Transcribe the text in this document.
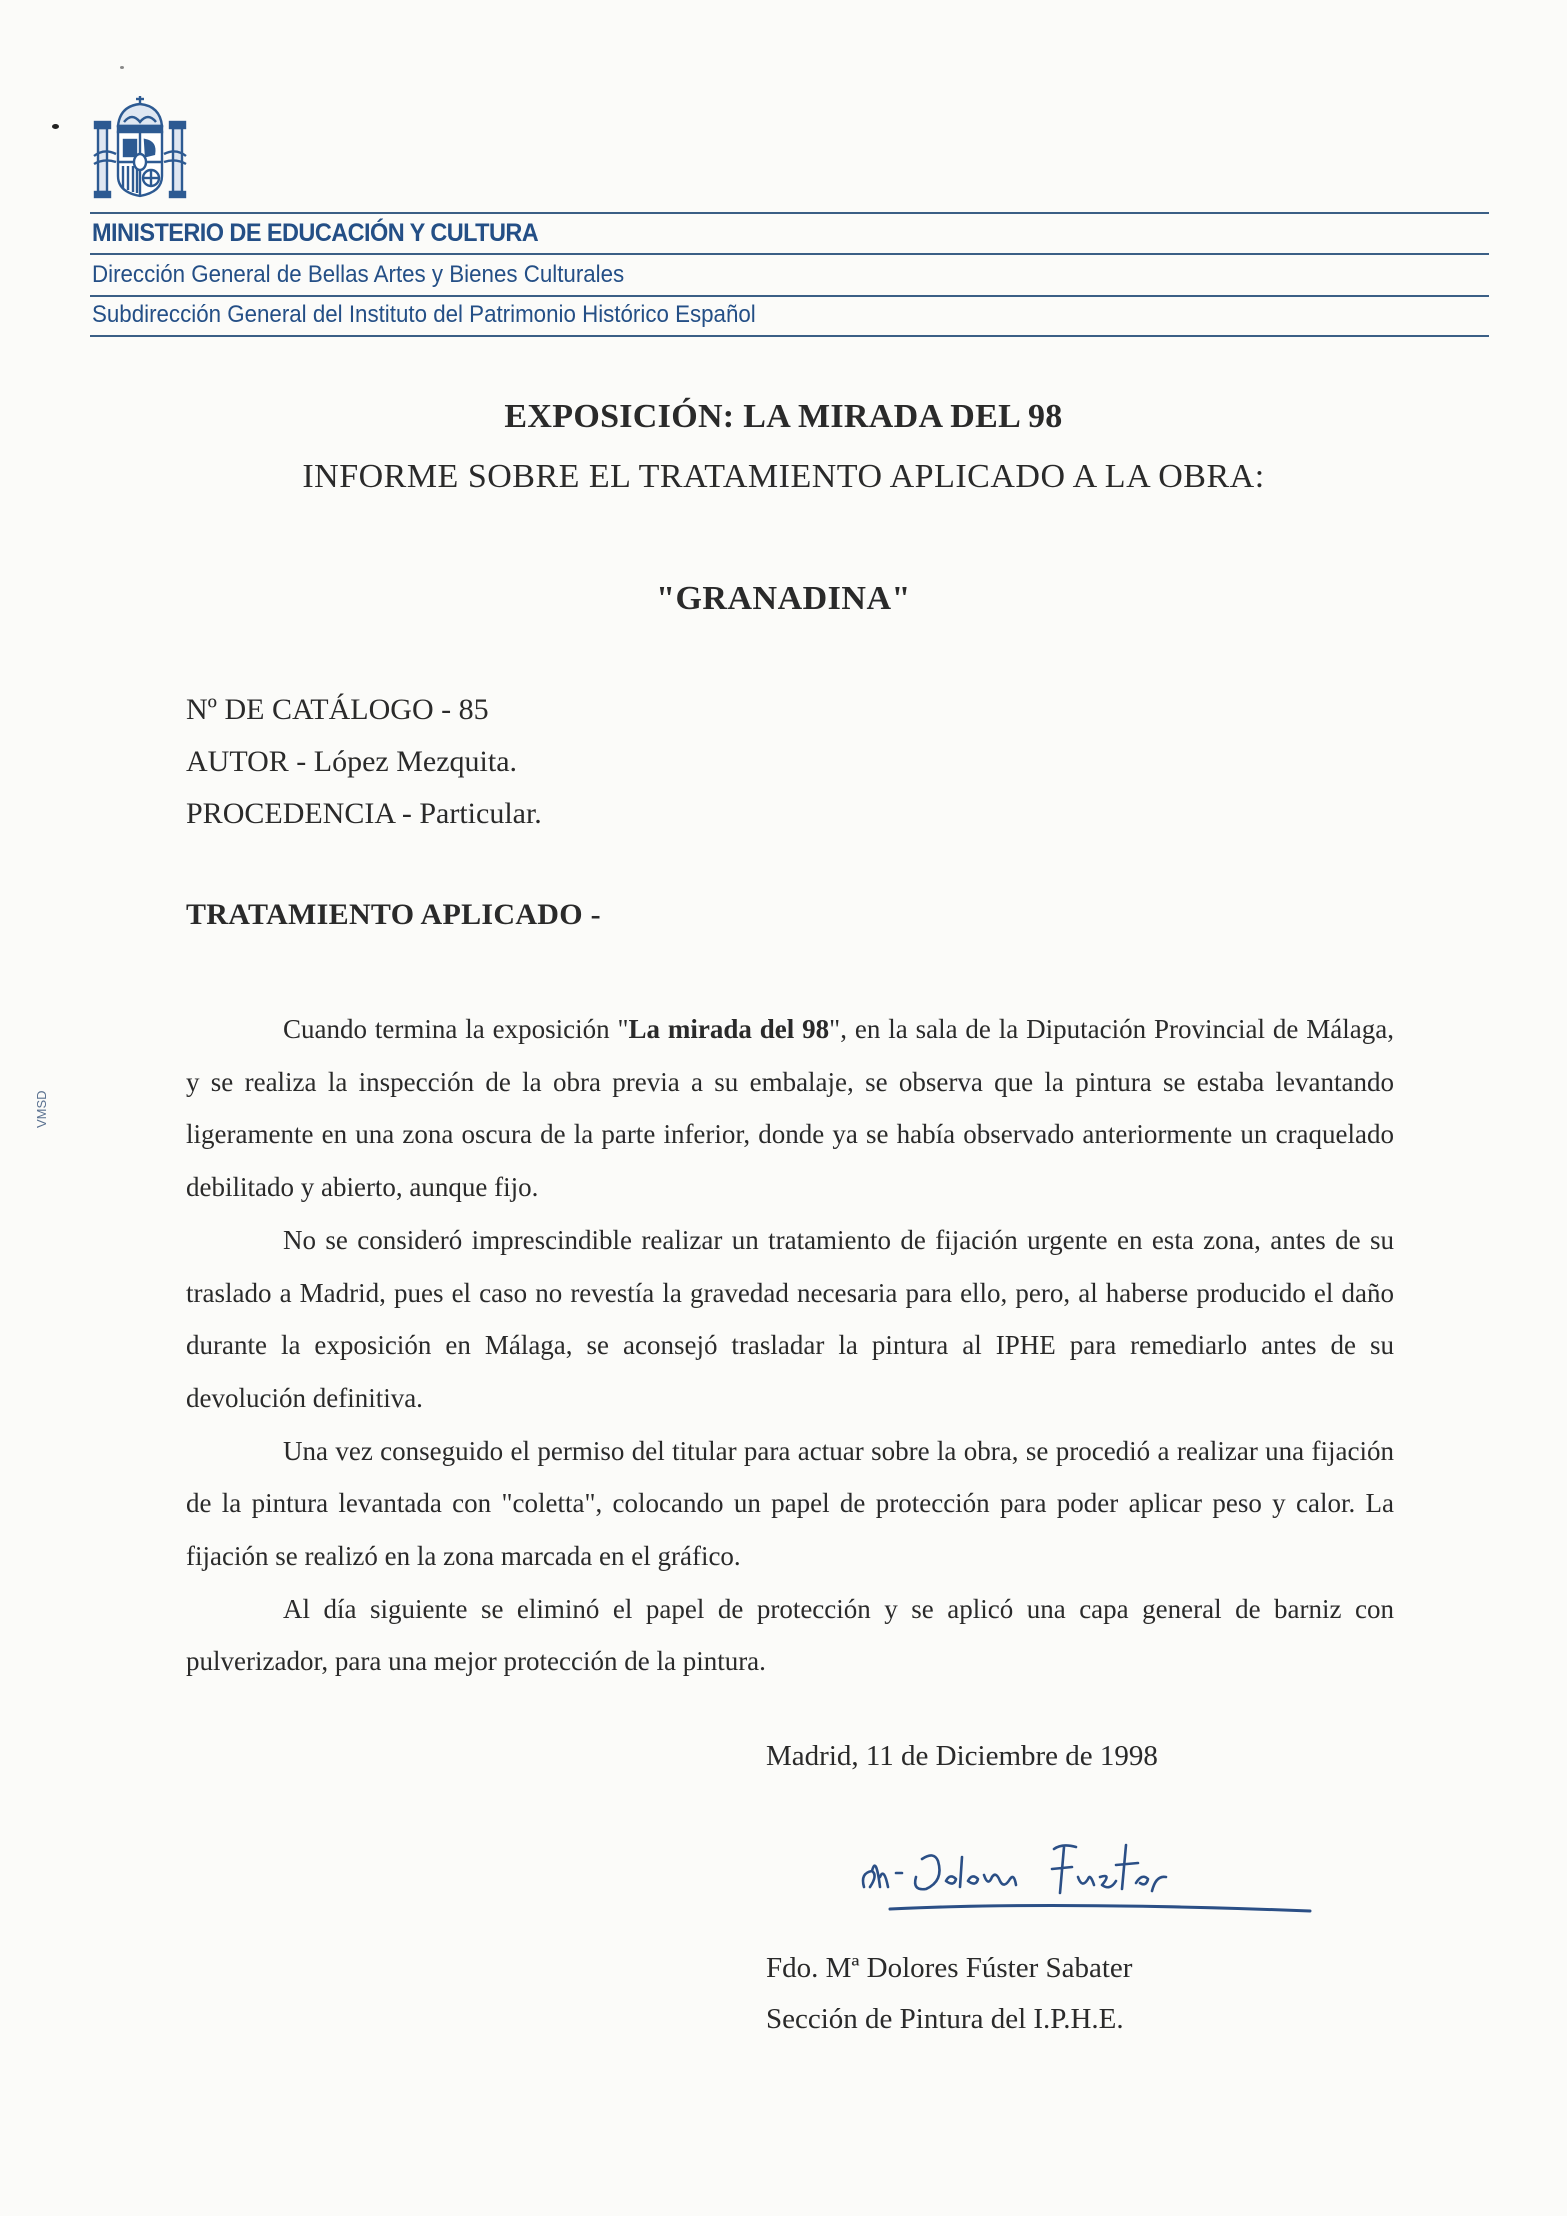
MINISTERIO DE EDUCACIÓN Y CULTURA
Dirección General de Bellas Artes y Bienes Culturales
Subdirección General del Instituto del Patrimonio Histórico Español
VMSD
EXPOSICIÓN: LA MIRADA DEL 98
INFORME SOBRE EL TRATAMIENTO APLICADO A LA OBRA:
"GRANADINA"
Nº DE CATÁLOGO - 85
AUTOR - López Mezquita.
PROCEDENCIA - Particular.
TRATAMIENTO APLICADO -

Cuando termina la exposición "La mirada del 98", en la sala de la Diputación Provincial de Málaga, y se realiza la inspección de la obra previa a su embalaje, se observa que la pintura se estaba levantando ligeramente en una zona oscura de la parte inferior, donde ya se había observado anteriormente un craquelado debilitado y abierto, aunque fijo.

No se consideró imprescindible realizar un tratamiento de fijación urgente en esta zona, antes de su traslado a Madrid, pues el caso no revestía la gravedad necesaria para ello, pero, al haberse producido el daño durante la exposición en Málaga, se aconsejó trasladar la pintura al IPHE para remediarlo antes de su devolución definitiva.

Una vez conseguido el permiso del titular para actuar sobre la obra, se procedió a realizar una fijación de la pintura levantada con "coletta", colocando un papel de protección para poder aplicar peso y calor. La fijación se realizó en la zona marcada en el gráfico.

Al día siguiente se eliminó el papel de protección y se aplicó una capa general de barniz con pulverizador, para una mejor protección de la pintura.

Madrid, 11 de Diciembre de 1998
Fdo. Mª Dolores Fúster Sabater
Sección de Pintura del I.P.H.E.
